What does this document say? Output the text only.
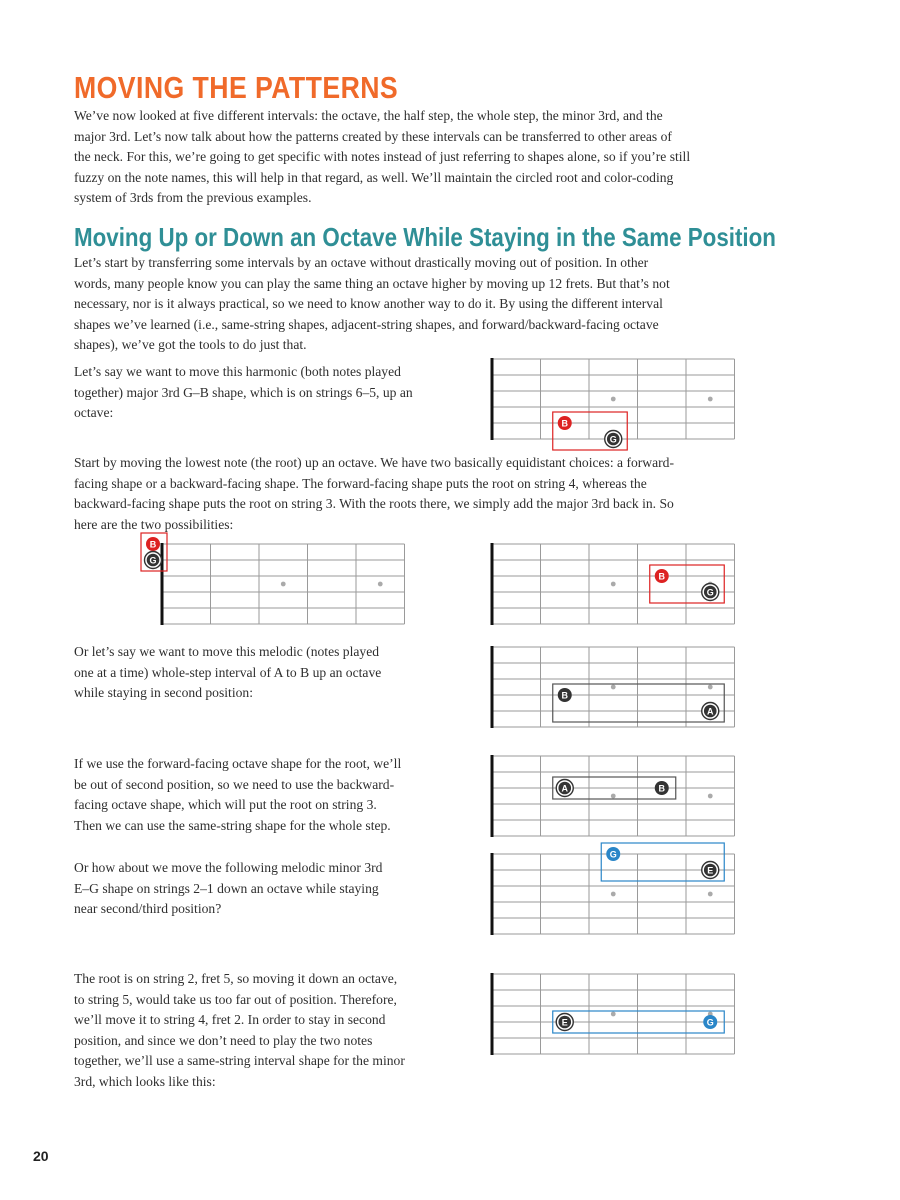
MOVING THE PATTERNS

We’ve now looked at five different intervals: the octave, the half step, the whole step, the minor 3rd, and the
major 3rd. Let’s now talk about how the patterns created by these intervals can be transferred to other areas of
the neck. For this, we’re going to get specific with notes instead of just referring to shapes alone, so if you’re still
fuzzy on the note names, this will help in that regard, as well. We’ll maintain the circled root and color-coding
system of 3rds from the previous examples.

Moving Up or Down an Octave While Staying in the Same Position

Let’s start by transferring some intervals by an octave without drastically moving out of position. In other
words, many people know you can play the same thing an octave higher by moving up 12 frets. But that’s not
necessary, nor is it always practical, so we need to know another way to do it. By using the different interval
shapes we’ve learned (i.e., same-string shapes, adjacent-string shapes, and forward/backward-facing octave
shapes), we’ve got the tools to do just that.

Let’s say we want to move this harmonic (both notes played
together) major 3rd G–B shape, which is on strings 6–5, up an
octave:

B
G

Start by moving the lowest note (the root) up an octave. We have two basically equidistant choices: a forward-
facing shape or a backward-facing shape. The forward-facing shape puts the root on string 4, whereas the
backward-facing shape puts the root on string 3. With the roots there, we simply add the major 3rd back in. So
here are the two possibilities:

B
G
B
G

Or let’s say we want to move this melodic (notes played
one at a time) whole-step interval of A to B up an octave
while staying in second position:	B
A

If we use the forward-facing octave shape for the root, we’ll
be out of second position, so we need to use the backward-
facing octave shape, which will put the root on string 3.
Then we can use the same-string shape for the whole step.

A	B

Or how about we move the following melodic minor 3rd
E–G shape on strings 2–1 down an octave while staying
near second/third position?

G
E

The root is on string 2, fret 5, so moving it down an octave,
to string 5, would take us too far out of position. Therefore,
we’ll move it to string 4, fret 2. In order to stay in second
position, and since we don’t need to play the two notes
together, we’ll use a same-string interval shape for the minor
3rd, which looks like this:

E	G
20
